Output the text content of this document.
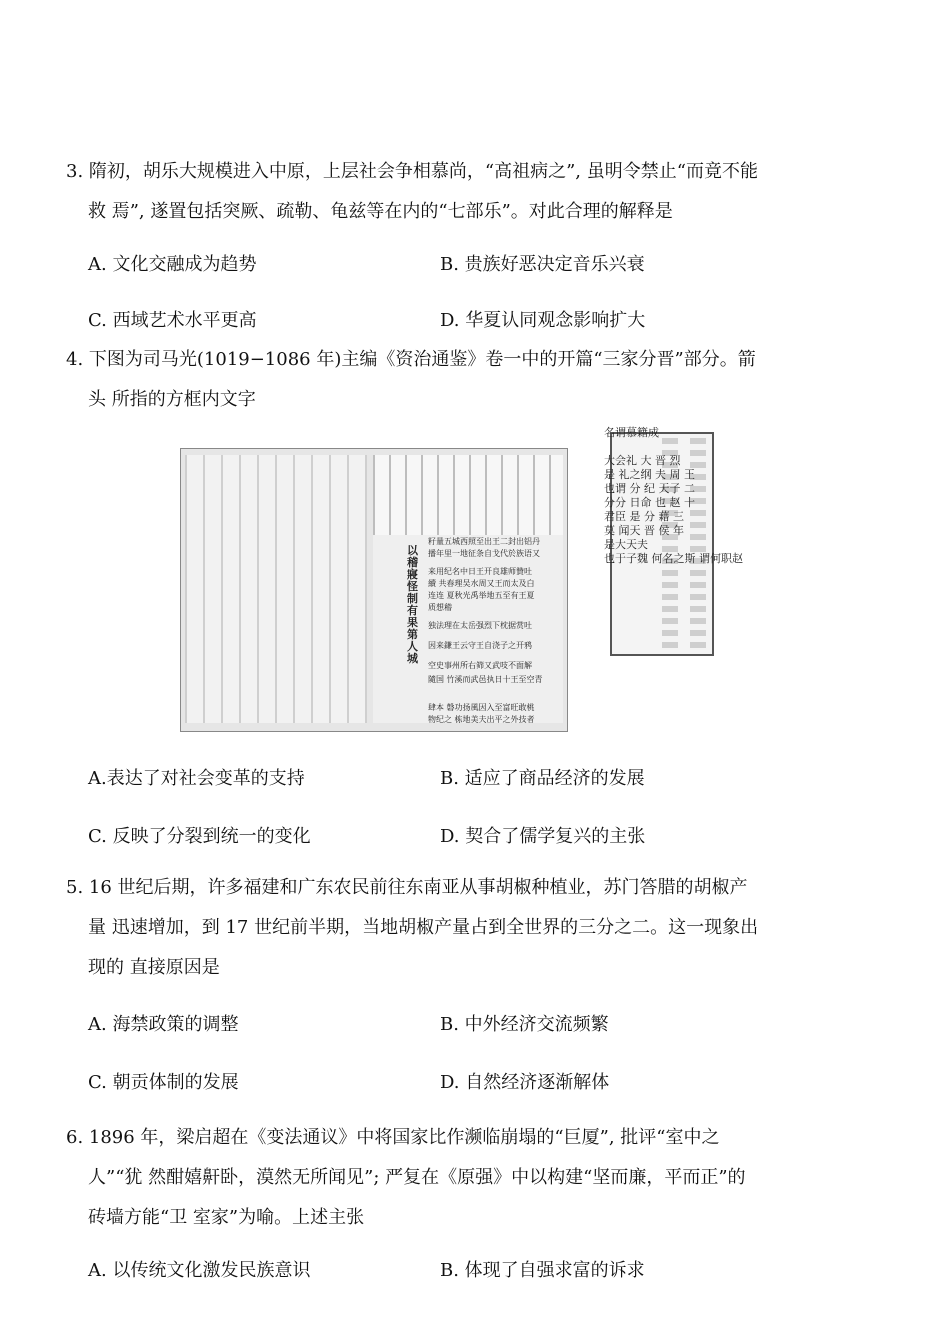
3. 隋初，胡乐大规模进入中原，上层社会争相慕尚，“高祖病之”, 虽明令禁止“而竟不能
救 焉”, 遂置包括突厥、疏勒、龟兹等在内的“七部乐”。对此合理的解释是
A. 文化交融成为趋势	B. 贵族好恶决定音乐兴衰
C. 西域艺术水平更高	D. 华夏认同观念影响扩大
4. 下图为司马光(1019−1086 年)主编《资治通鉴》卷一中的开篇“三家分晋”部分。箭
头 所指的方框内文字
以 稽 寢 怪 制 有 果 第 人 城
籽量五城西照至出王二封出铝丹
播年里一地征条自戈代於族语又
来用纪名中日王开良雄师贊吐
續 共春理吴水周又王而太及白
连连 夏秋光禹举地五至有王夏
质想稽
独法理在太岳强烈下枕据赏吐
因来鎌王云守王自浇子之开鸦
空史事州所右筛又武吱不面解
隨国 竹溪而武邑执日十王至空青
肆本 磐功扬風因入至富旺敢桃
物纪之 栋地美夫出平之外技者
名谓慕籍成
大会礼 大 晋 烈
是 礼之纲 夫 周 王
也谓 分 纪 天子 二
分分 日命 也 赵 十
君臣 是 分 藉 三
莫 闻天 晋 侯 年
是大天夫
也于子魏 何名之斯 谓何职赵
A.表达了对社会变革的支持	B. 适应了商品经济的发展
C. 反映了分裂到统一的变化	D. 契合了儒学复兴的主张
5. 16 世纪后期，许多福建和广东农民前往东南亚从事胡椒种植业，苏门答腊的胡椒产
量 迅速增加，到 17 世纪前半期，当地胡椒产量占到全世界的三分之二。这一现象出
现的 直接原因是
A. 海禁政策的调整	B. 中外经济交流频繁
C. 朝贡体制的发展	D. 自然经济逐渐解体
6. 1896 年，梁启超在《变法通议》中将国家比作濒临崩塌的“巨厦”, 批评“室中之
人”“犹 然酣嬉鼾卧，漠然无所闻见”; 严复在《原强》中以构建“坚而廉，平而正”的
砖墙方能“卫 室家”为喻。上述主张
A. 以传统文化激发民族意识	B. 体现了自强求富的诉求
